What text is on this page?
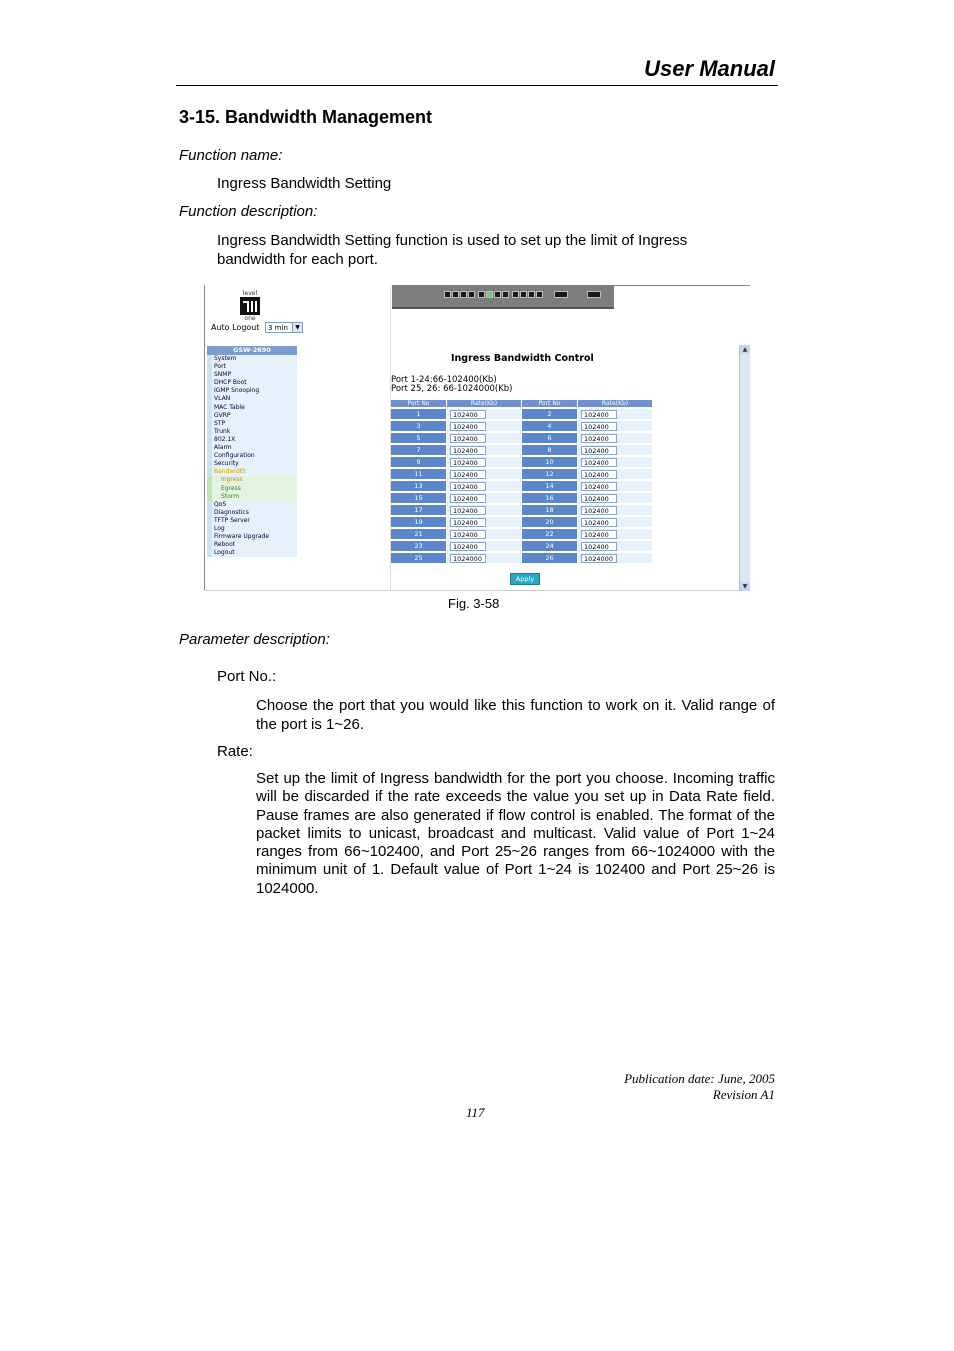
User Manual
3-15. Bandwidth Management
Function name:
Ingress Bandwidth Setting
Function description:
Ingress Bandwidth Setting function is used to set up the limit of Ingress
bandwidth for each port.
level
one
Auto Logout	3 min	▼
GSW-2690
System
Port
SNMP
DHCP Boot
IGMP Snooping
VLAN
MAC Table
GVRP
STP
Trunk
802.1X
Alarm
Configuration
Security
Bandwidth
Ingress
Egress
Storm
QoS
Diagnostics
TFTP Server
Log
Firmware Upgrade
Reboot
Logout
▲
▼
Ingress Bandwidth Control
Port 1-24:66-102400(Kb)
Port 25, 26: 66-1024000(Kb)
Port No	Rate(Kb)	Port No	Rate(Kb)
1	102400	2	102400
3	102400	4	102400
5	102400	6	102400
7	102400	8	102400
9	102400	10	102400
11	102400	12	102400
13	102400	14	102400
15	102400	16	102400
17	102400	18	102400
19	102400	20	102400
21	102400	22	102400
23	102400	24	102400
25	1024000	26	1024000
Apply
Fig. 3-58
Parameter description:
Port No.:
Choose the port that you would like this function to work on it. Valid range of the port is 1~26.
Rate:
Set up the limit of Ingress bandwidth for the port you choose. Incoming traffic will be discarded if the rate exceeds the value you set up in Data Rate field. Pause frames are also generated if flow control is enabled. The format of the packet limits to unicast, broadcast and multicast. Valid value of Port 1~24 ranges from 66~102400, and Port 25~26 ranges from 66~1024000 with the minimum unit of 1. Default value of Port 1~24 is 102400 and Port 25~26 is 1024000.
Publication date: June, 2005
Revision A1
117
